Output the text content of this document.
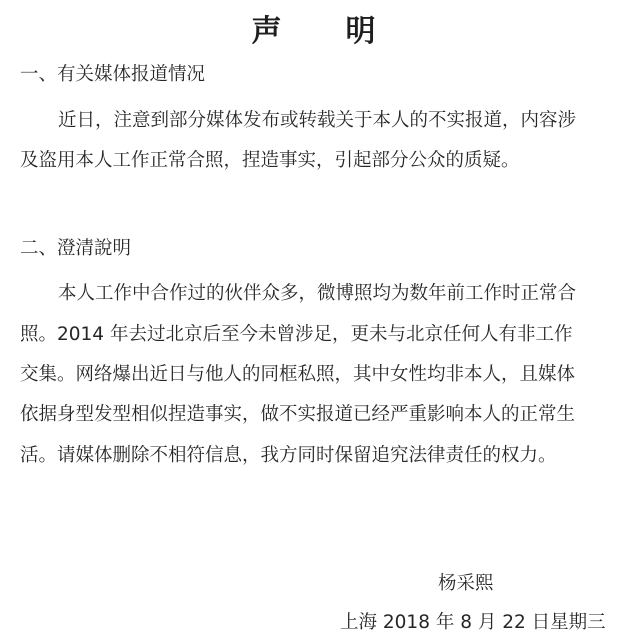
声 明
一、有关媒体报道情况
近日，注意到部分媒体发布或转载关于本人的不实报道，内容涉
及盗用本人工作正常合照，捏造事实，引起部分公众的质疑。
二、澄清說明
本人工作中合作过的伙伴众多，微博照均为数年前工作时正常合
照。2014 年去过北京后至今未曾涉足，更未与北京任何人有非工作
交集。网络爆出近日与他人的同框私照，其中女性均非本人，且媒体
依据身型发型相似捏造事实，做不实报道已经严重影响本人的正常生
活。请媒体删除不相符信息，我方同时保留追究法律责任的权力。
杨采熙
上海 2018 年 8 月 22 日星期三
